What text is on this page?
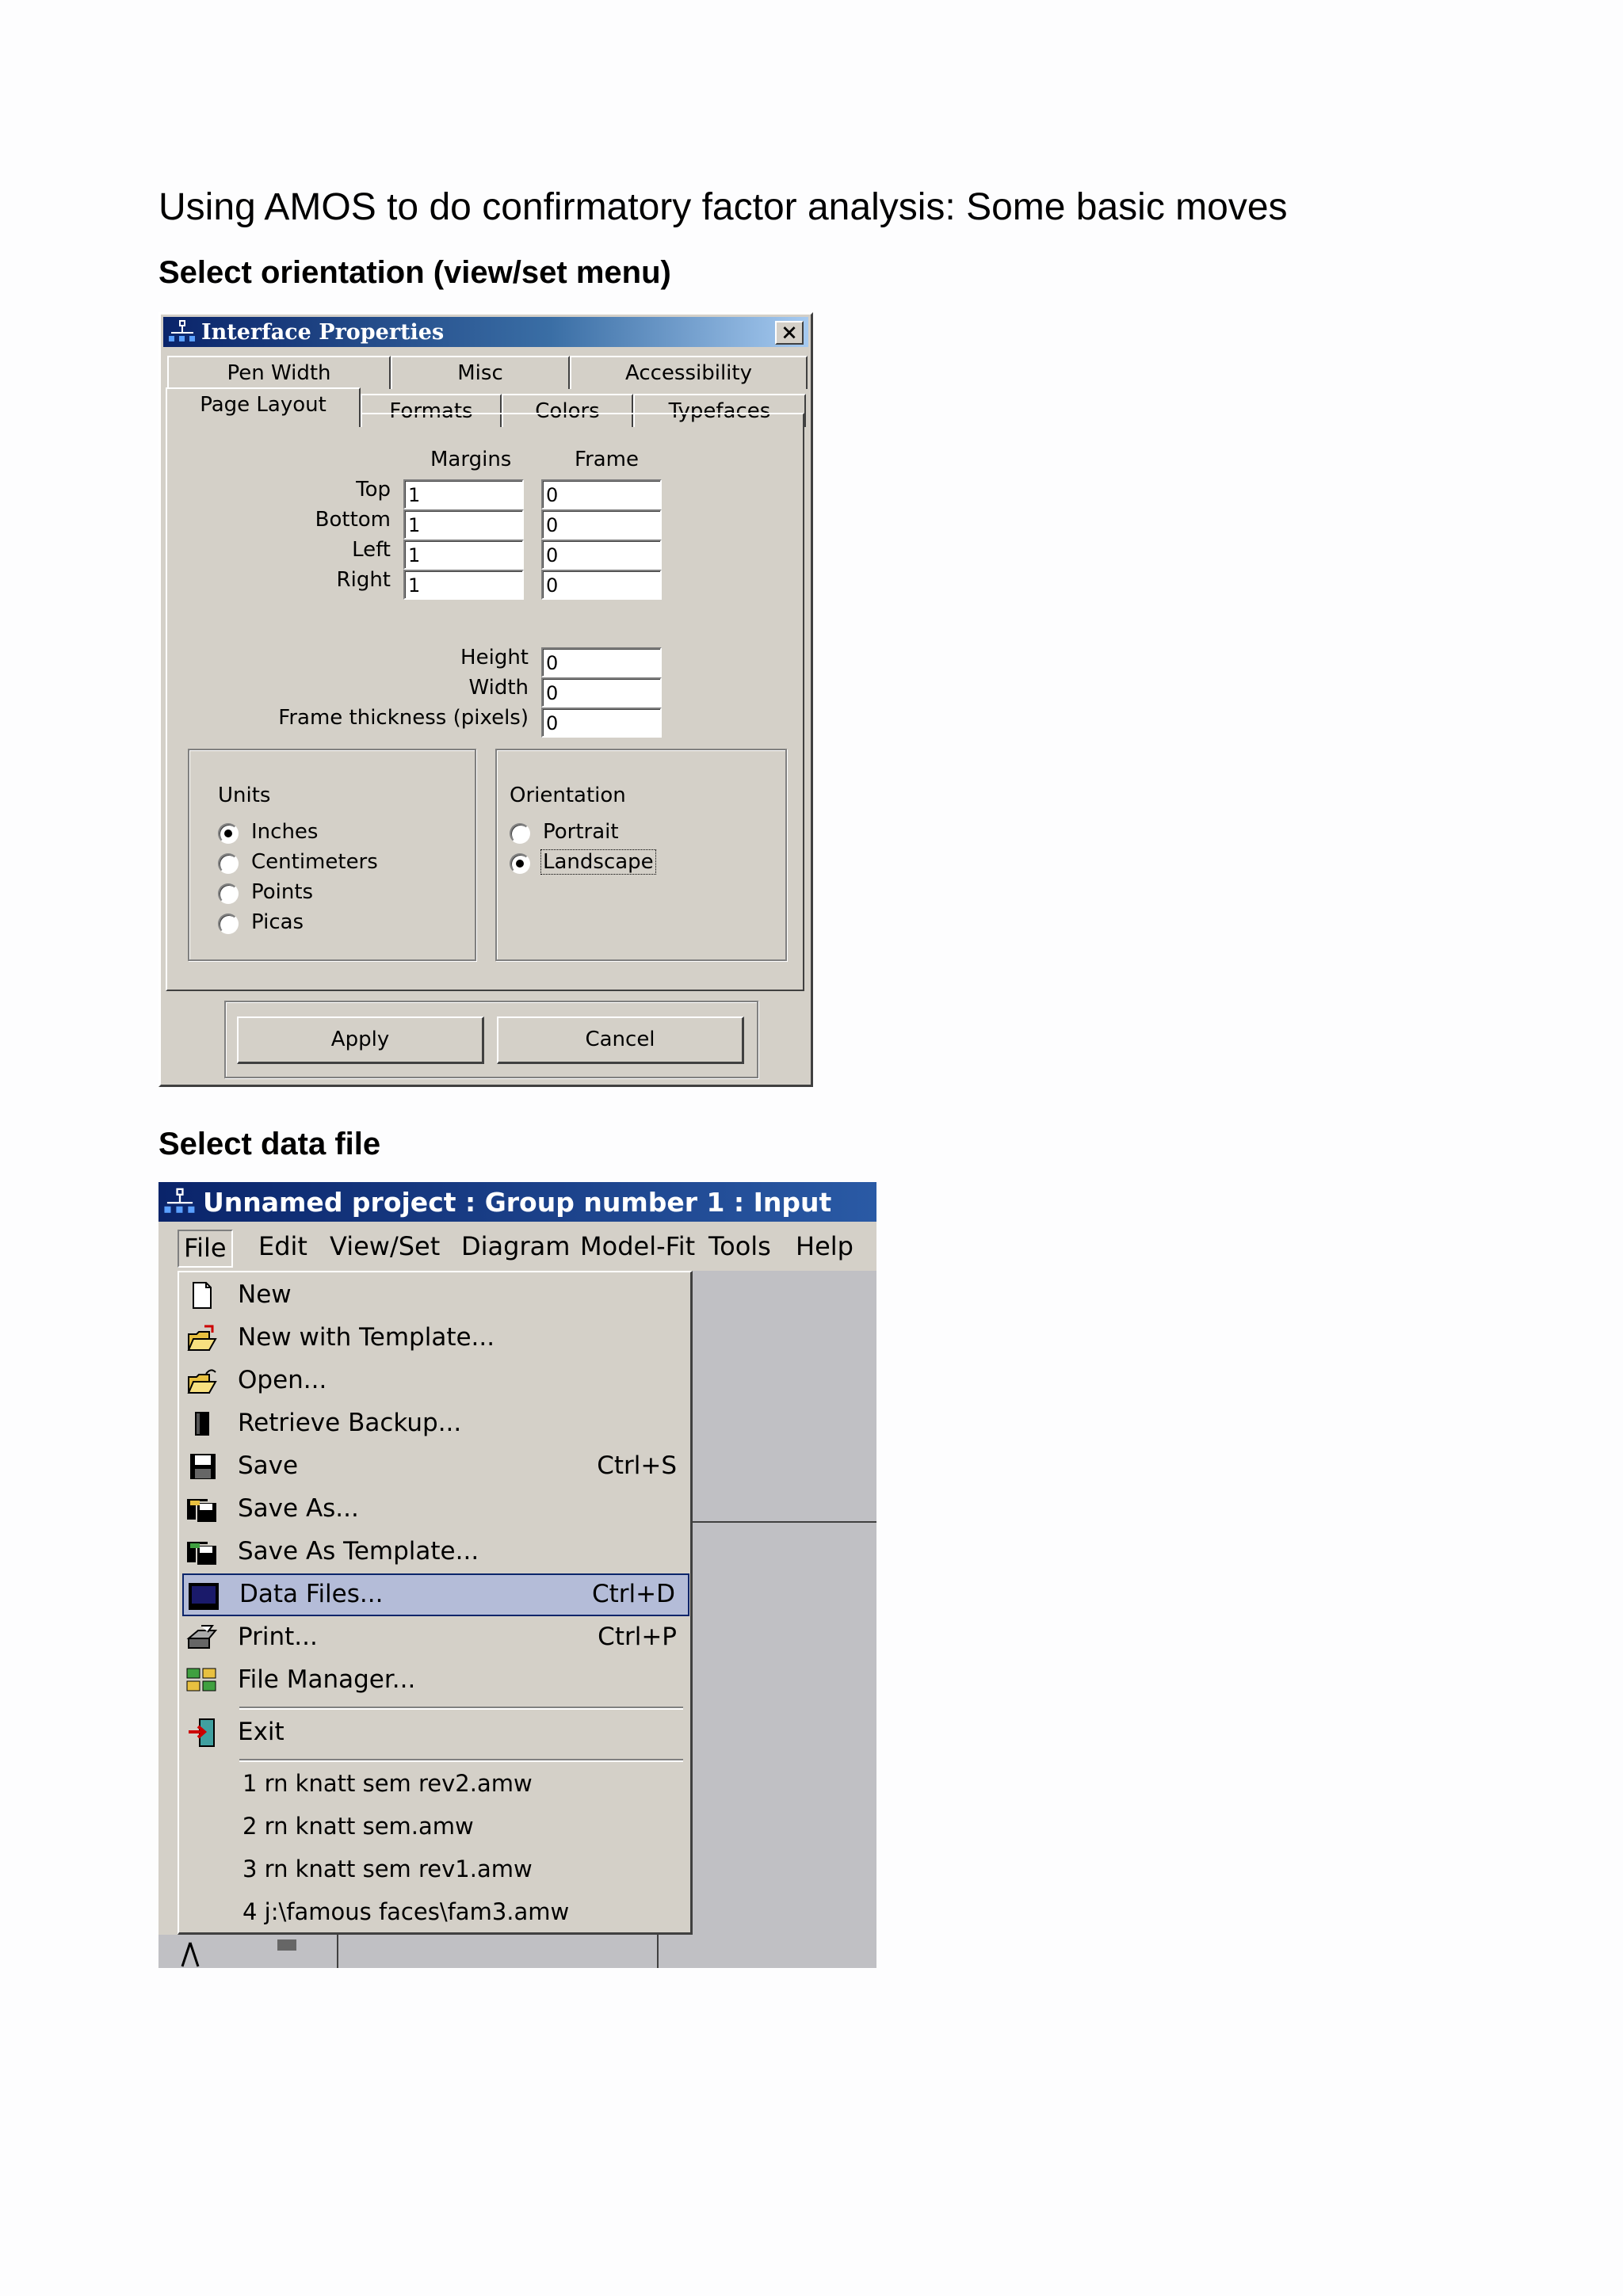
Using AMOS to do confirmatory factor analysis: Some basic moves
Select orientation (view/set menu)
Interface Properties	×
Pen Width	Misc	Accessibility
Page Layout	Formats	Colors	Typefaces
Margins	Frame
Top 1	0
Bottom 1	0
Left 1	0
Right 1	0
Height 0
Width 0
Frame thickness (pixels) 0
Units
Inches
Centimeters
Points
Picas
Orientation
Portrait
Landscape
Apply	Cancel
Select data file
Unnamed project : Group number 1 : Input
File Edit View/Set Diagram Model-Fit Tools Help
New
New with Template...
Open...
Retrieve Backup...
Save	Ctrl+S
Save As...
Save As Template...
Data Files...	Ctrl+D
Print...	Ctrl+P
File Manager...
Exit
1 rn knatt sem rev2.amw
2 rn knatt sem.amw
3 rn knatt sem rev1.amw
4 j:\famous faces\fam3.amw
